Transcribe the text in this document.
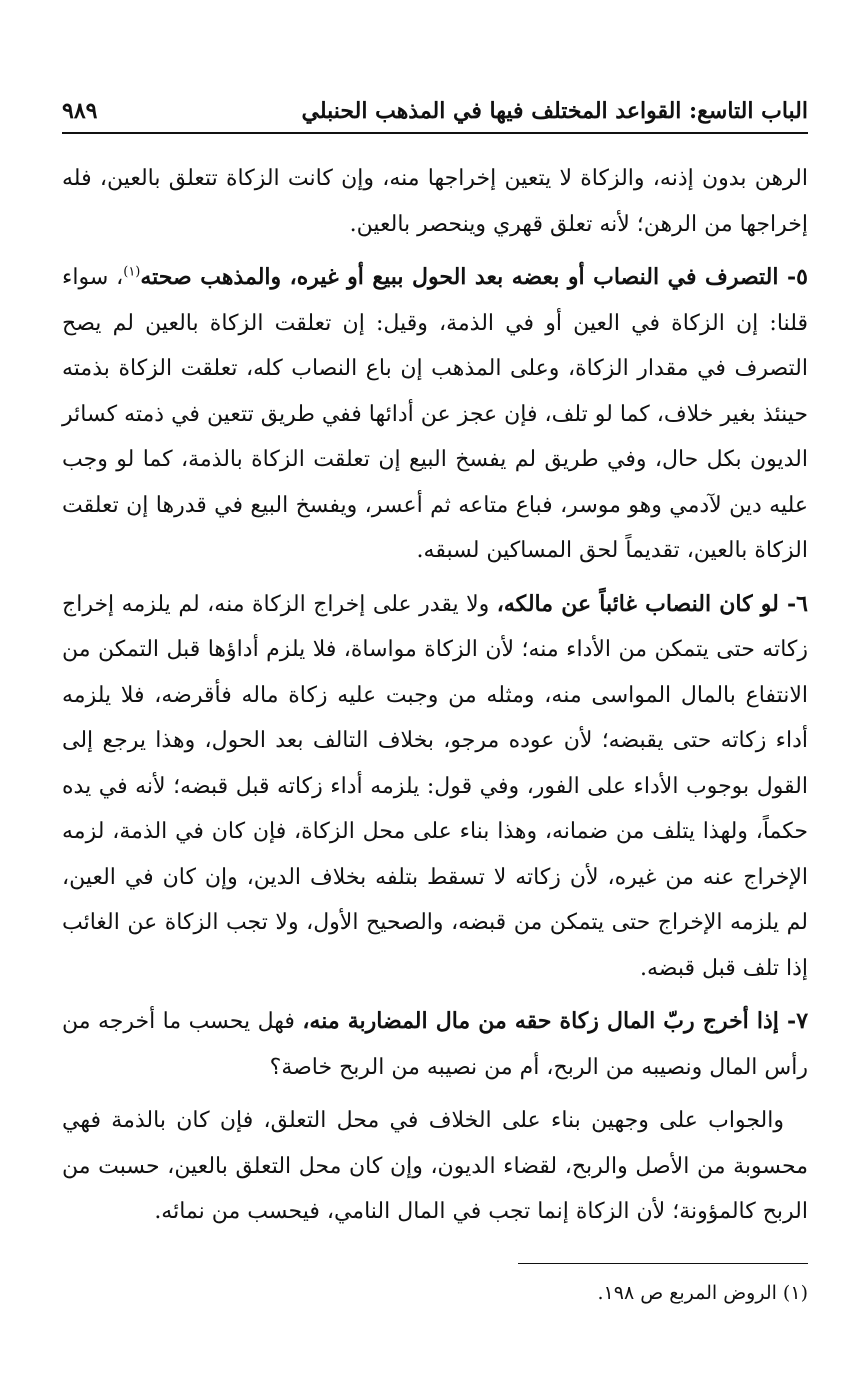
الباب التاسع: القواعد المختلف فيها في المذهب الحنبلي
٩٨٩

الرهن بدون إذنه، والزكاة لا يتعين إخراجها منه، وإن كانت الزكاة تتعلق بالعين، فله إخراجها من الرهن؛ لأنه تعلق قهري وينحصر بالعين.

٥- التصرف في النصاب أو بعضه بعد الحول ببيع أو غيره، والمذهب صحته$^{(١)}$، سواء قلنا: إن الزكاة في العين أو في الذمة، وقيل: إن تعلقت الزكاة بالعين لم يصح التصرف في مقدار الزكاة، وعلى المذهب إن باع النصاب كله، تعلقت الزكاة بذمته حينئذ بغير خلاف، كما لو تلف، فإن عجز عن أدائها ففي طريق تتعين في ذمته كسائر الديون بكل حال، وفي طريق لم يفسخ البيع إن تعلقت الزكاة بالذمة، كما لو وجب عليه دين لآدمي وهو موسر، فباع متاعه ثم أعسر، ويفسخ البيع في قدرها إن تعلقت الزكاة بالعين، تقديماً لحق المساكين لسبقه.

٦- لو كان النصاب غائباً عن مالكه، ولا يقدر على إخراج الزكاة منه، لم يلزمه إخراج زكاته حتى يتمكن من الأداء منه؛ لأن الزكاة مواساة، فلا يلزم أداؤها قبل التمكن من الانتفاع بالمال المواسى منه، ومثله من وجبت عليه زكاة ماله فأقرضه، فلا يلزمه أداء زكاته حتى يقبضه؛ لأن عوده مرجو، بخلاف التالف بعد الحول، وهذا يرجع إلى القول بوجوب الأداء على الفور، وفي قول: يلزمه أداء زكاته قبل قبضه؛ لأنه في يده حكماً، ولهذا يتلف من ضمانه، وهذا بناء على محل الزكاة، فإن كان في الذمة، لزمه الإخراج عنه من غيره، لأن زكاته لا تسقط بتلفه بخلاف الدين، وإن كان في العين، لم يلزمه الإخراج حتى يتمكن من قبضه، والصحيح الأول، ولا تجب الزكاة عن الغائب إذا تلف قبل قبضه.

٧- إذا أخرج ربّ المال زكاة حقه من مال المضاربة منه، فهل يحسب ما أخرجه من رأس المال ونصيبه من الربح، أم من نصيبه من الربح خاصة؟

والجواب على وجهين بناء على الخلاف في محل التعلق، فإن كان بالذمة فهي محسوبة من الأصل والربح، لقضاء الديون، وإن كان محل التعلق بالعين، حسبت من الربح كالمؤونة؛ لأن الزكاة إنما تجب في المال النامي، فيحسب من نمائه.

(١) الروض المربع ص ١٩٨.
